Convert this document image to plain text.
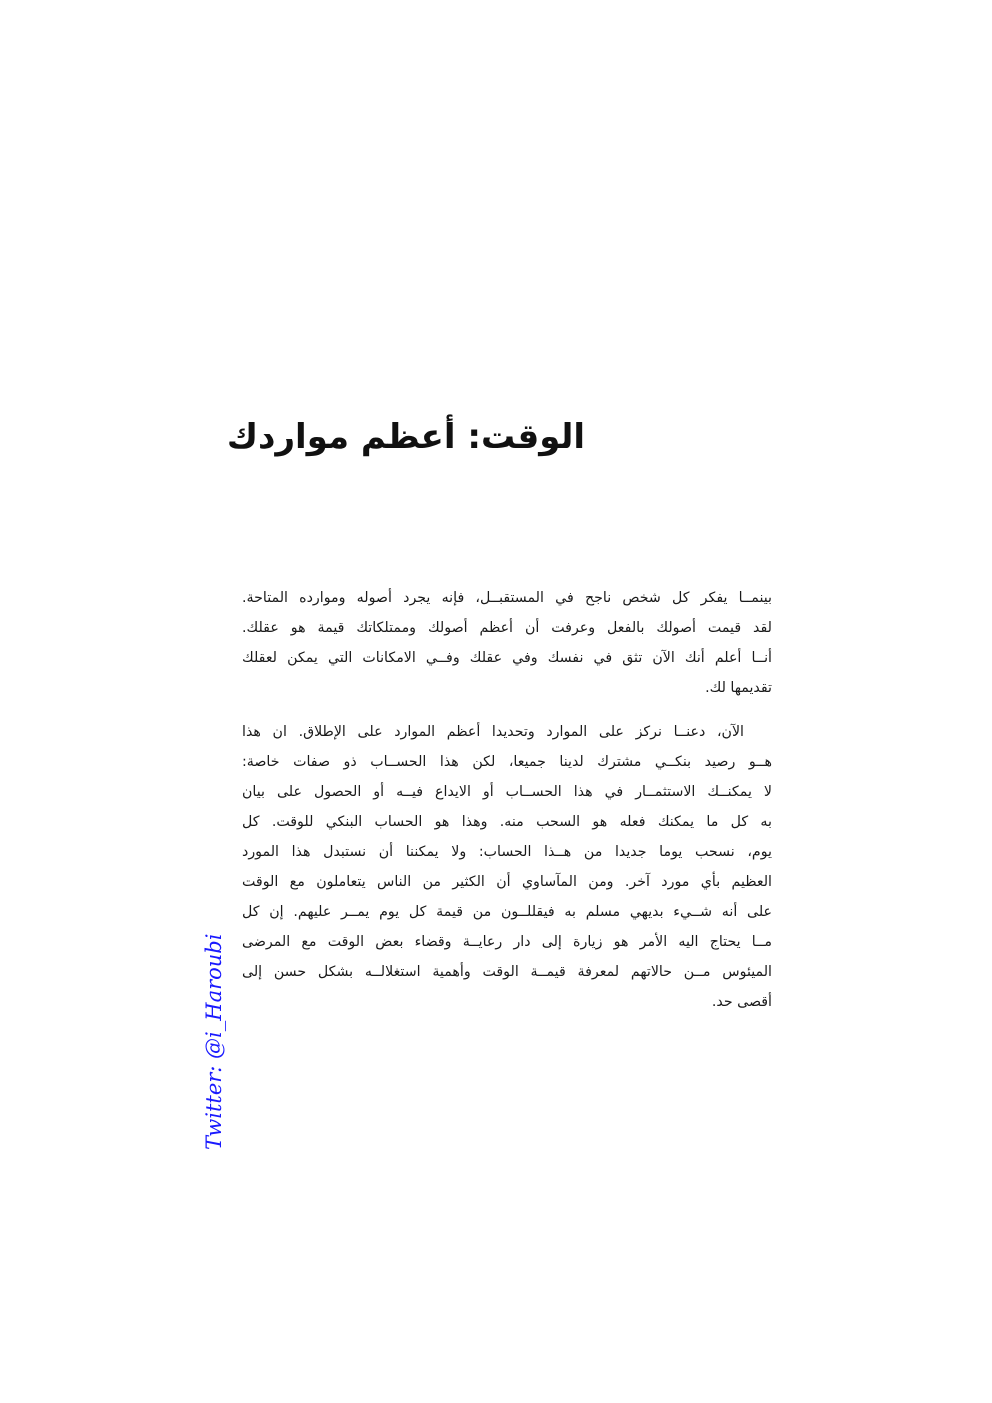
الوقت: أعظم مواردك

بينمــا يفكر كل شخص ناجح في المستقبــل، فإنه يجرد أصوله وموارده المتاحة.
لقد قيمت أصولك بالفعل وعرفت أن أعظم أصولك وممتلكاتك قيمة هو عقلك.
أنــا أعلم أنك الآن تثق في نفسك وفي عقلك وفــي الامكانات التي يمكن لعقلك
تقديمها لك.

الآن، دعنــا نركز على الموارد وتحديدا أعظم الموارد على الإطلاق. ان هذا
هــو رصيد بنكــي مشترك لدينا جميعا، لكن هذا الحســاب ذو صفات خاصة:
لا يمكنــك الاستثمــار في هذا الحســاب أو الايداع فيــه أو الحصول على بيان
به كل ما يمكنك فعله هو السحب منه. وهذا هو الحساب البنكي للوقت. كل
يوم، نسحب يوما جديدا من هــذا الحساب: ولا يمكننا أن نستبدل هذا المورد
العظيم بأي مورد آخر. ومن المآساوي أن الكثير من الناس يتعاملون مع الوقت
على أنه شــيء بديهي مسلم به فيقللــون من قيمة كل يوم يمــر عليهم. إن كل
مــا يحتاج اليه الأمر هو زيارة إلى دار رعايــة وقضاء بعض الوقت مع المرضى
الميئوس مــن حالاتهم لمعرفة قيمــة الوقت وأهمية استغلالــه بشكل حسن إلى
أقصى حد.

Twitter: @i_Haroubi
